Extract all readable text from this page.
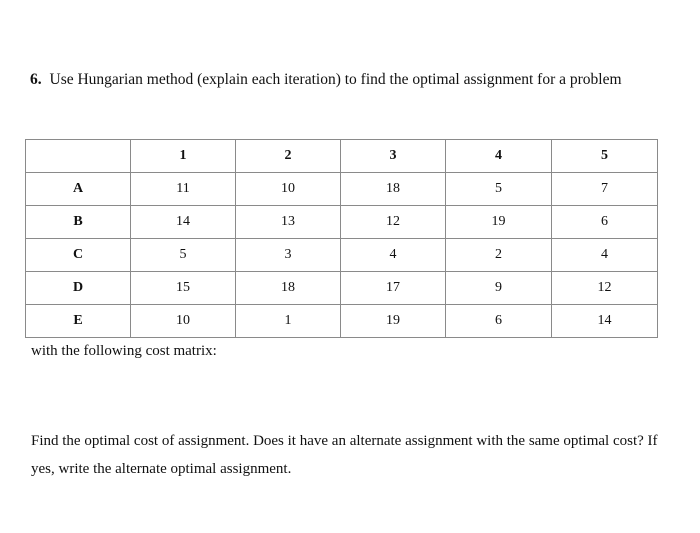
6. Use Hungarian method (explain each iteration) to find the optimal assignment for a problem
	1	2	3	4	5
A	11	10	18	5	7
B	14	13	12	19	6
C	5	3	4	2	4
D	15	18	17	9	12
E	10	1	19	6	14
with the following cost matrix:
Find the optimal cost of assignment. Does it have an alternate assignment with the same optimal cost? If yes, write the alternate optimal assignment.
